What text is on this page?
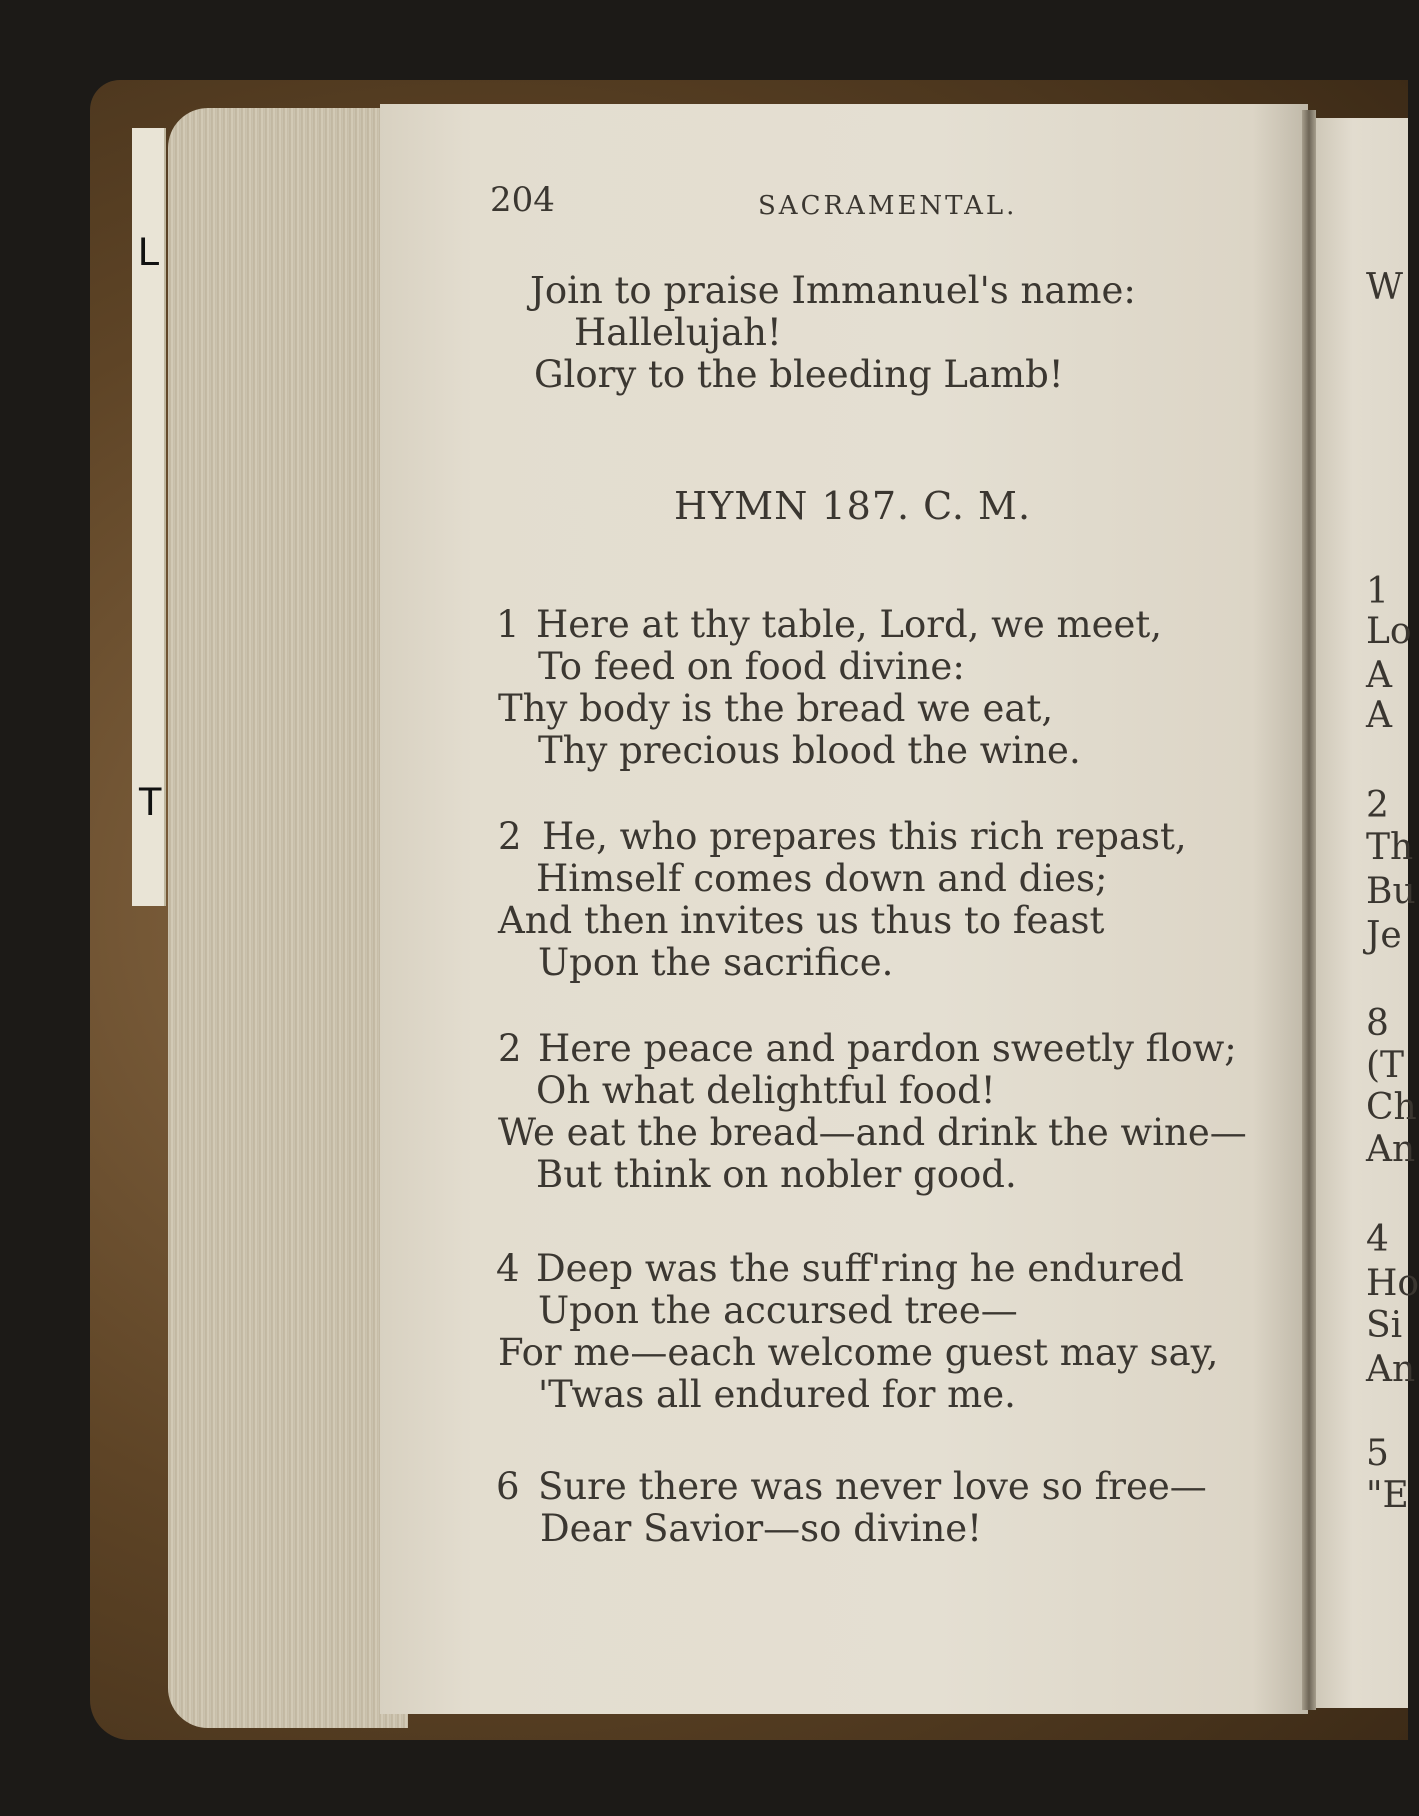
L
T

W

1

Lo

A

A

2

Th

Bu

Je

8

(T

Ch

An

4

Ho

Si

An

5

"E

204	SACRAMENTAL.

Join to praise Immanuel's name:

Hallelujah!

Glory to the bleeding Lamb!

HYMN 187. C. M.

1 Here at thy table, Lord, we meet,

To feed on food divine:

Thy body is the bread we eat,

Thy precious blood the wine.

2 He, who prepares this rich repast,

Himself comes down and dies;

And then invites us thus to feast

Upon the sacrifice.

2 Here peace and pardon sweetly flow;

Oh what delightful food!

We eat the bread—and drink the wine—

But think on nobler good.

4 Deep was the suff'ring he endured

Upon the accursed tree—

For me—each welcome guest may say,

'Twas all endured for me.

6 Sure there was never love so free—

Dear Savior—so divine!
